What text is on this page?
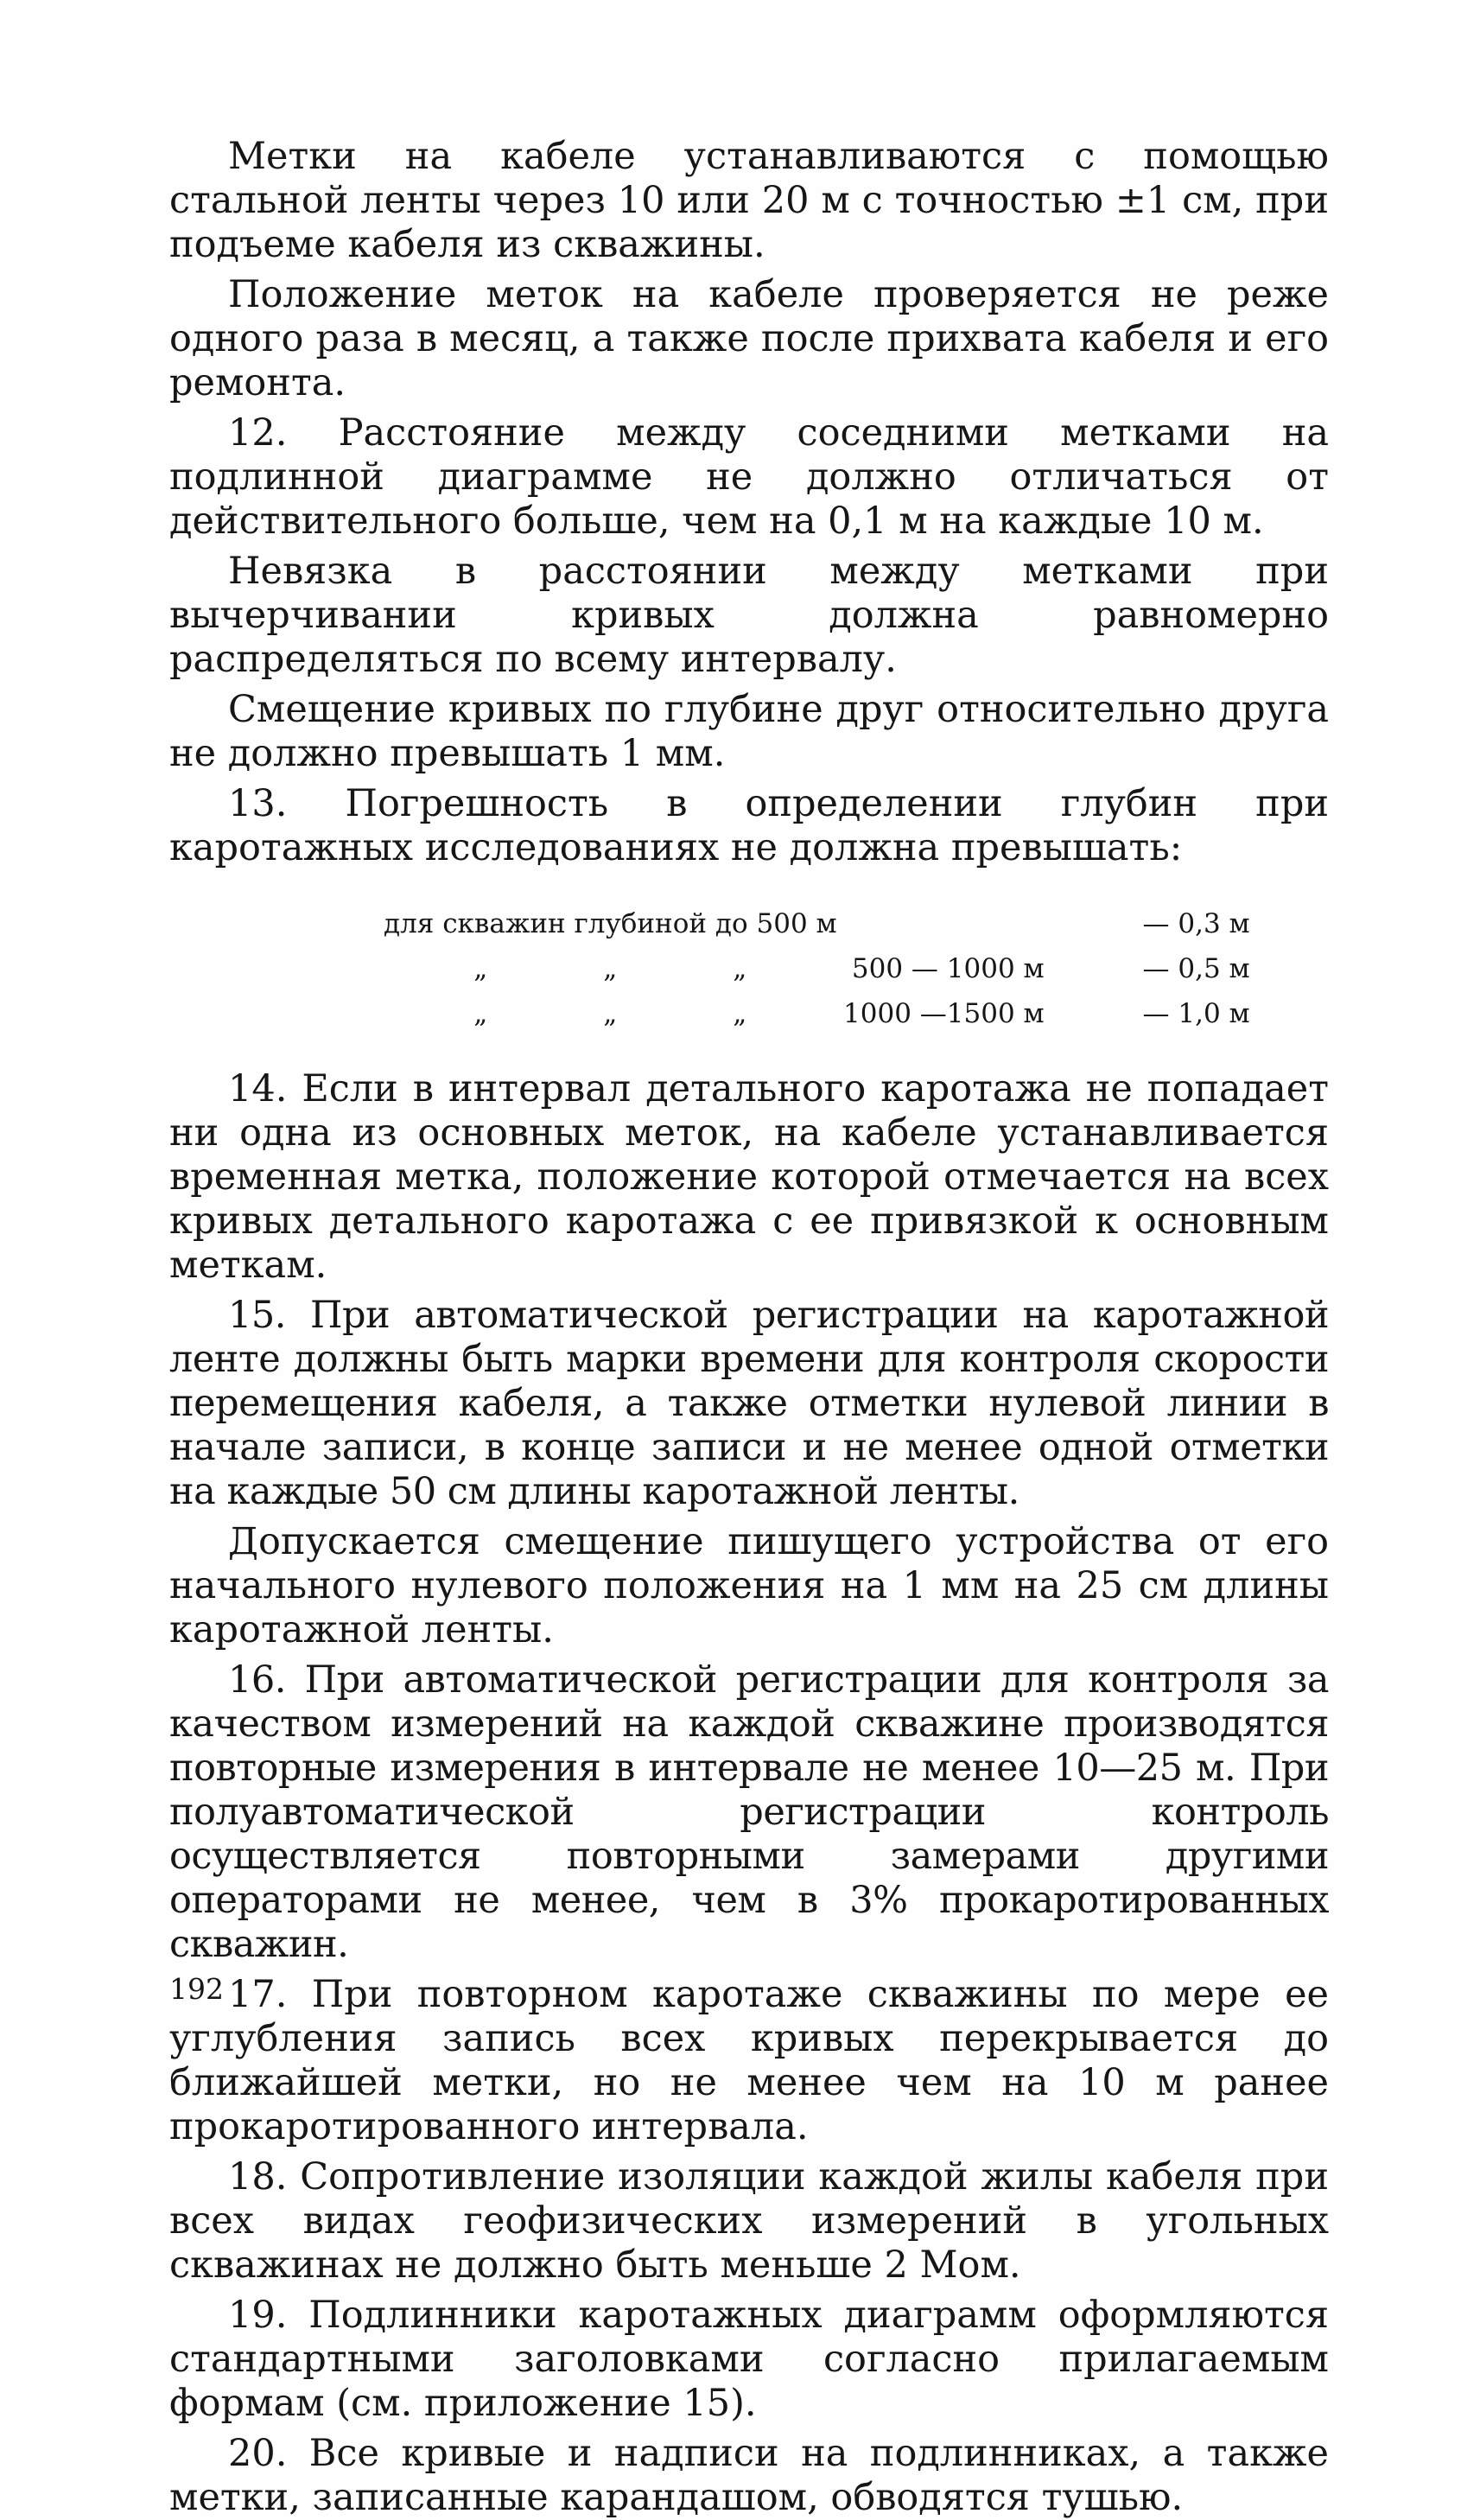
Метки на кабеле устанавливаются с помощью стальной ленты через 10 или 20 м с точностью ±1 см, при подъеме кабеля из скважины.

Положение меток на кабеле проверяется не реже одного раза в месяц, а также после прихвата кабеля и его ремонта.

12. Расстояние между соседними метками на подлинной диаграмме не должно отличаться от действительного больше, чем на 0,1 м на каждые 10 м.

Невязка в расстоянии между метками при вычерчивании кривых должна равномерно распределяться по всему интервалу.

Смещение кривых по глубине друг относительно друга не должно превышать 1 мм.

13. Погрешность в определении глубин при каротажных исследованиях не должна превышать:

для скважин глубиной до 500 м		— 0,3 м
„ „ „	500 — 1000 м	— 0,5 м
„ „ „	1000 —1500 м	— 1,0 м

14. Если в интервал детального каротажа не попадает ни одна из основных меток, на кабеле устанавливается временная метка, положение которой отмечается на всех кривых детального каротажа с ее привязкой к основным меткам.

15. При автоматической регистрации на каротажной ленте должны быть марки времени для контроля скорости перемещения кабеля, а также отметки нулевой линии в начале записи, в конце записи и не менее одной отметки на каждые 50 см длины каротажной ленты.

Допускается смещение пишущего устройства от его начального нулевого положения на 1 мм на 25 см длины каротажной ленты.

16. При автоматической регистрации для контроля за качеством измерений на каждой скважине производятся повторные измерения в интервале не менее 10—25 м. При полуавтоматической регистрации контроль осуществляется повторными замерами другими операторами не менее, чем в 3% прокаротированных скважин.

17. При повторном каротаже скважины по мере ее углубления запись всех кривых перекрывается до ближайшей метки, но не менее чем на 10 м ранее прокаротированного интервала.

18. Сопротивление изоляции каждой жилы кабеля при всех видах геофизических измерений в угольных скважинах не должно быть меньше 2 Мом.

19. Подлинники каротажных диаграмм оформляются стандартными заголовками согласно прилагаемым формам (см. приложение 15).

20. Все кривые и надписи на подлинниках, а также метки, записанные карандашом, обводятся тушью.

192
